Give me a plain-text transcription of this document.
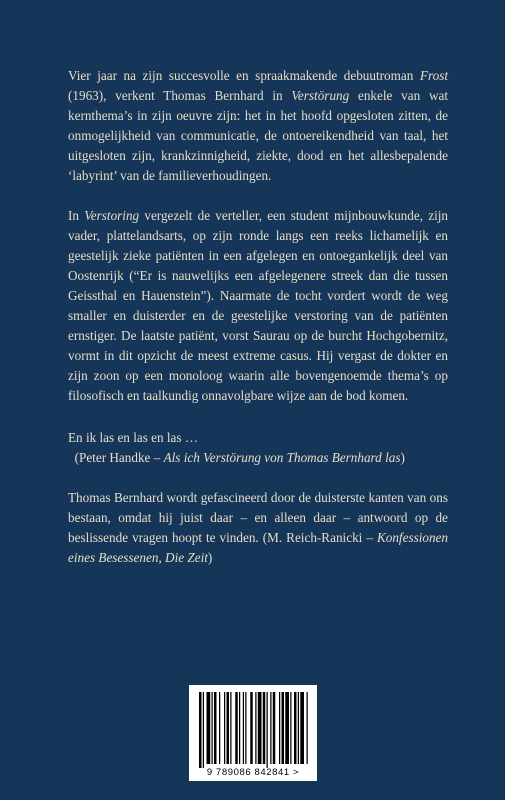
Vier jaar na zijn succesvolle en spraakmakende debuutroman Frost (1963), verkent Thomas Bernhard in Verstörung enkele van wat kernthema’s in zijn oeuvre zijn: het in het hoofd opgesloten zitten, de onmogelijkheid van communicatie, de ontoereikendheid van taal, het uitgesloten zijn, krankzinnigheid, ziekte, dood en het allesbepalende ‘labyrint’ van de familieverhoudingen.

In Verstoring vergezelt de verteller, een student mijnbouwkunde, zijn vader, plattelandsarts, op zijn ronde langs een reeks lichamelijk en geestelijk zieke patiënten in een afgelegen en ontoegankelijk deel van Oostenrijk (“Er is nauwelijks een afgelegenere streek dan die tussen Geissthal en Hauenstein”). Naarmate de tocht vordert wordt de weg smaller en duisterder en de geestelijke verstoring van de patiënten ernstiger. De laatste patiënt, vorst Saurau op de burcht Hochgobernitz, vormt in dit opzicht de meest extreme casus. Hij vergast de dokter en zijn zoon op een monoloog waarin alle bovengenoemde thema’s op filosofisch en taalkundig onnavolgbare wijze aan de bod komen.

En ik las en las en las …
(Peter Handke – Als ich Verstörung von Thomas Bernhard las)

Thomas Bernhard wordt gefascineerd door de duisterste kanten van ons bestaan, omdat hij juist daar – en alleen daar – antwoord op de beslissende vragen hoopt te vinden. (M. Reich-Ranicki – Konfessionen eines Besessenen, Die Zeit)

9 789086 842841 >
